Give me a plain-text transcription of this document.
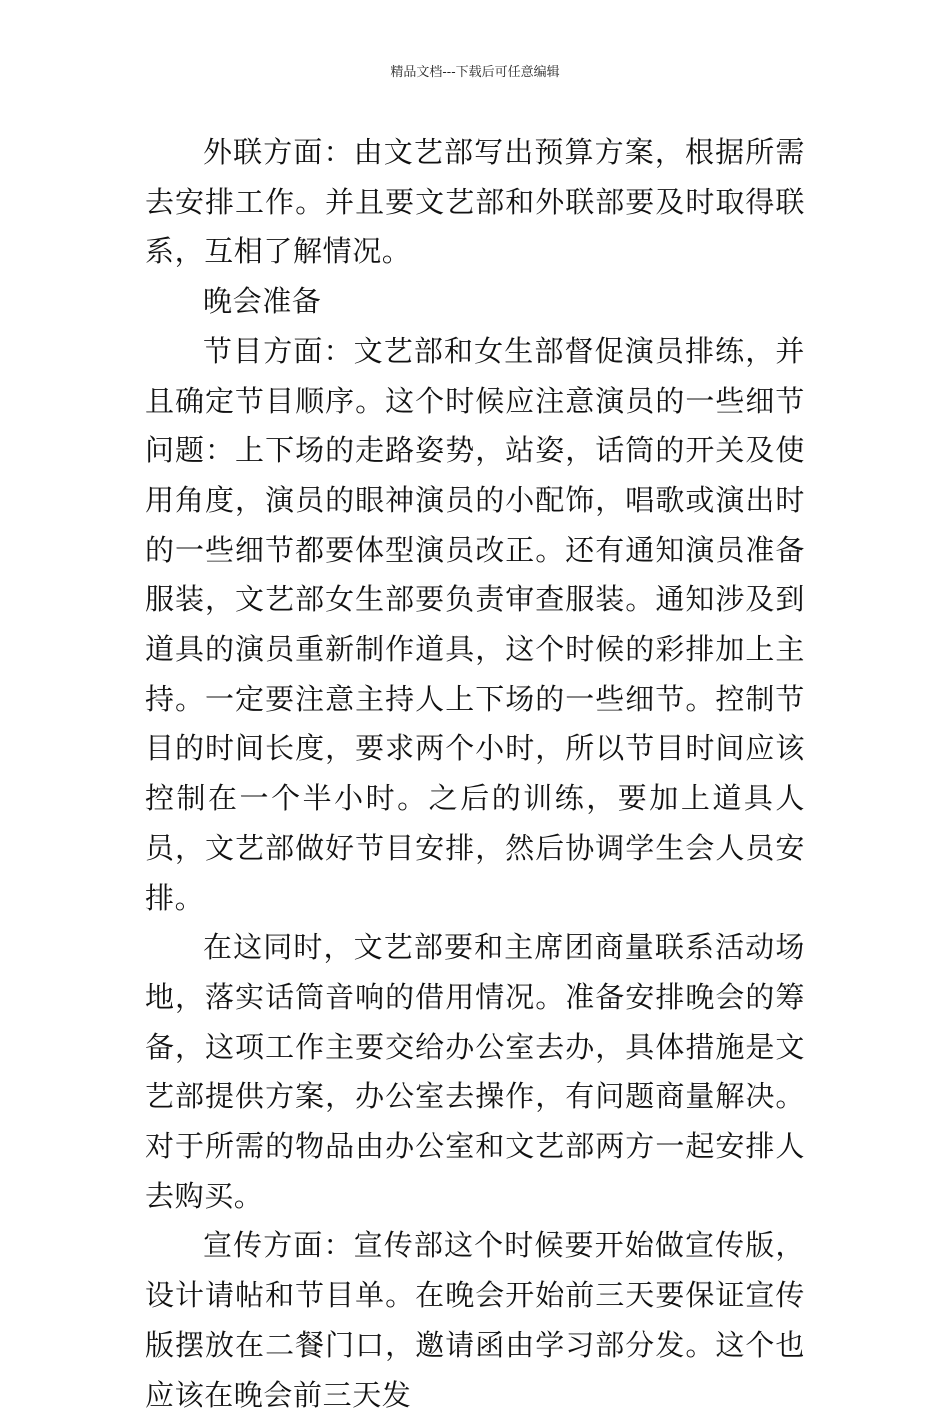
精品文档---下载后可任意编辑

外联方面：由文艺部写出预算方案，根据所需去安排工作。并且要文艺部和外联部要及时取得联系，互相了解情况。

晚会准备

节目方面：文艺部和女生部督促演员排练，并且确定节目顺序。这个时候应注意演员的一些细节问题：上下场的走路姿势，站姿，话筒的开关及使用角度，演员的眼神演员的小配饰，唱歌或演出时的一些细节都要体型演员改正。还有通知演员准备服装，文艺部女生部要负责审查服装。通知涉及到道具的演员重新制作道具，这个时候的彩排加上主持。一定要注意主持人上下场的一些细节。控制节目的时间长度，要求两个小时，所以节目时间应该控制在一个半小时。之后的训练，要加上道具人员，文艺部做好节目安排，然后协调学生会人员安排。

在这同时，文艺部要和主席团商量联系活动场地，落实话筒音响的借用情况。准备安排晚会的筹备，这项工作主要交给办公室去办，具体措施是文艺部提供方案，办公室去操作，有问题商量解决。对于所需的物品由办公室和文艺部两方一起安排人去购买。

宣传方面：宣传部这个时候要开始做宣传版，设计请帖和节目单。在晚会开始前三天要保证宣传版摆放在二餐门口，邀请函由学习部分发。这个也应该在晚会前三天发
